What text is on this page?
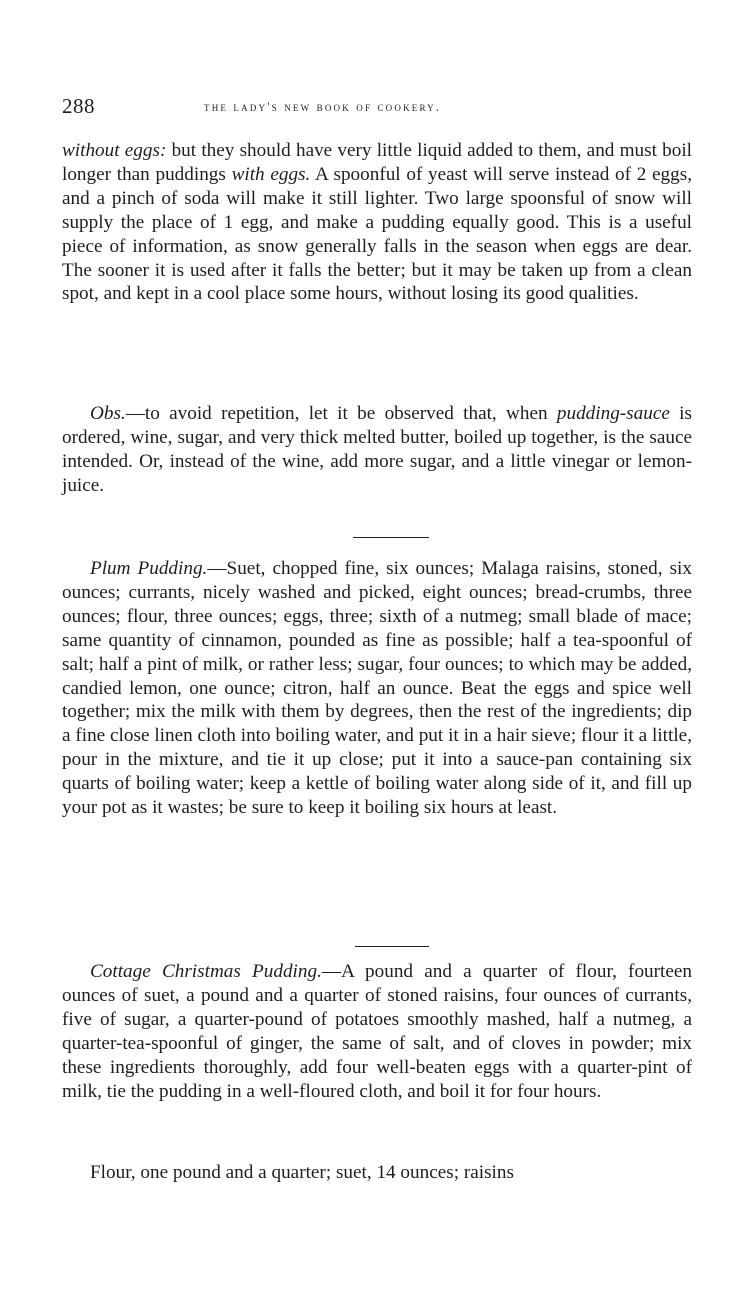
288	the lady's new book of cookery.

without eggs: but they should have very little liquid added to them, and must boil longer than puddings with eggs. A spoonful of yeast will serve instead of 2 eggs, and a pinch of soda will make it still lighter. Two large spoonsful of snow will supply the place of 1 egg, and make a pudding equally good. This is a useful piece of information, as snow generally falls in the season when eggs are dear. The sooner it is used after it falls the better; but it may be taken up from a clean spot, and kept in a cool place some hours, without losing its good qualities.

Obs.—to avoid repetition, let it be observed that, when pudding-sauce is ordered, wine, sugar, and very thick melted butter, boiled up together, is the sauce intended. Or, instead of the wine, add more sugar, and a little vinegar or lemon-juice.

Plum Pudding.—Suet, chopped fine, six ounces; Malaga raisins, stoned, six ounces; currants, nicely washed and picked, eight ounces; bread-crumbs, three ounces; flour, three ounces; eggs, three; sixth of a nutmeg; small blade of mace; same quantity of cinnamon, pounded as fine as possible; half a tea-spoonful of salt; half a pint of milk, or rather less; sugar, four ounces; to which may be added, candied lemon, one ounce; citron, half an ounce. Beat the eggs and spice well together; mix the milk with them by degrees, then the rest of the ingredients; dip a fine close linen cloth into boiling water, and put it in a hair sieve; flour it a little, pour in the mixture, and tie it up close; put it into a sauce-pan containing six quarts of boiling water; keep a kettle of boiling water along side of it, and fill up your pot as it wastes; be sure to keep it boiling six hours at least.

Cottage Christmas Pudding.—A pound and a quarter of flour, fourteen ounces of suet, a pound and a quarter of stoned raisins, four ounces of currants, five of sugar, a quarter-pound of potatoes smoothly mashed, half a nutmeg, a quarter-tea-spoonful of ginger, the same of salt, and of cloves in powder; mix these ingredients thoroughly, add four well-beaten eggs with a quarter-pint of milk, tie the pudding in a well-floured cloth, and boil it for four hours.

Flour, one pound and a quarter; suet, 14 ounces; raisins
